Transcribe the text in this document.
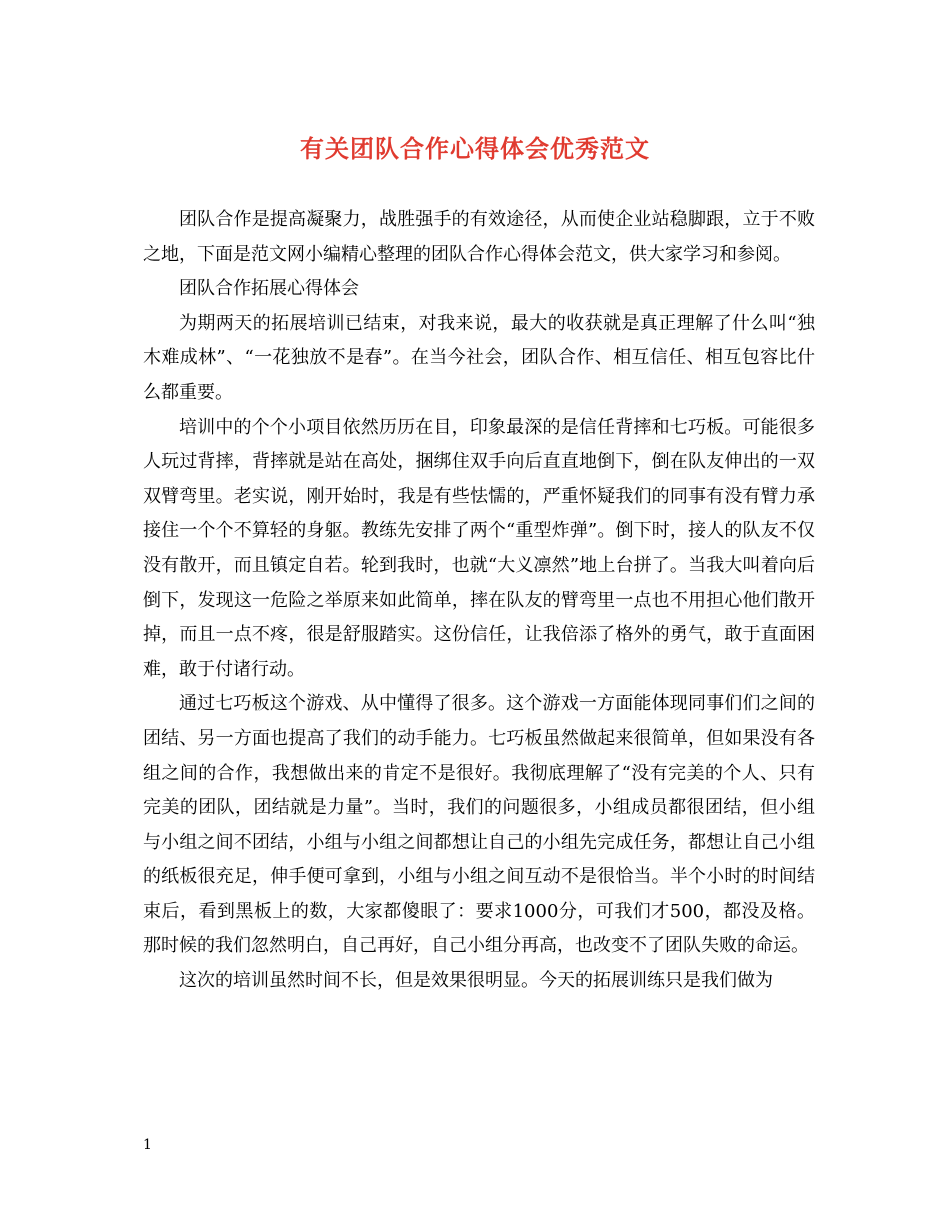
有关团队合作心得体会优秀范文

团队合作是提高凝聚力，战胜强手的有效途径，从而使企业站稳脚跟，立于不败之地，下面是范文网小编精心整理的团队合作心得体会范文，供大家学习和参阅。

团队合作拓展心得体会

为期两天的拓展培训已结束，对我来说，最大的收获就是真正理解了什么叫“独木难成林”、“一花独放不是春”。在当今社会，团队合作、相互信任、相互包容比什么都重要。

培训中的个个小项目依然历历在目，印象最深的是信任背摔和七巧板。可能很多人玩过背摔，背摔就是站在高处，捆绑住双手向后直直地倒下，倒在队友伸出的一双双臂弯里。老实说，刚开始时，我是有些怯懦的，严重怀疑我们的同事有没有臂力承接住一个个不算轻的身躯。教练先安排了两个“重型炸弹”。倒下时，接人的队友不仅没有散开，而且镇定自若。轮到我时，也就“大义凛然”地上台拼了。当我大叫着向后倒下，发现这一危险之举原来如此简单，摔在队友的臂弯里一点也不用担心他们散开掉，而且一点不疼，很是舒服踏实。这份信任，让我倍添了格外的勇气，敢于直面困难，敢于付诸行动。

通过七巧板这个游戏、从中懂得了很多。这个游戏一方面能体现同事们们之间的团结、另一方面也提高了我们的动手能力。七巧板虽然做起来很简单，但如果没有各组之间的合作，我想做出来的肯定不是很好。我彻底理解了“没有完美的个人、只有完美的团队，团结就是力量”。当时，我们的问题很多，小组成员都很团结，但小组与小组之间不团结，小组与小组之间都想让自己的小组先完成任务，都想让自己小组的纸板很充足，伸手便可拿到，小组与小组之间互动不是很恰当。半个小时的时间结束后，看到黑板上的数，大家都傻眼了：要求1000分，可我们才500，都没及格。那时候的我们忽然明白，自己再好，自己小组分再高，也改变不了团队失败的命运。

这次的培训虽然时间不长，但是效果很明显。今天的拓展训练只是我们做为

1
